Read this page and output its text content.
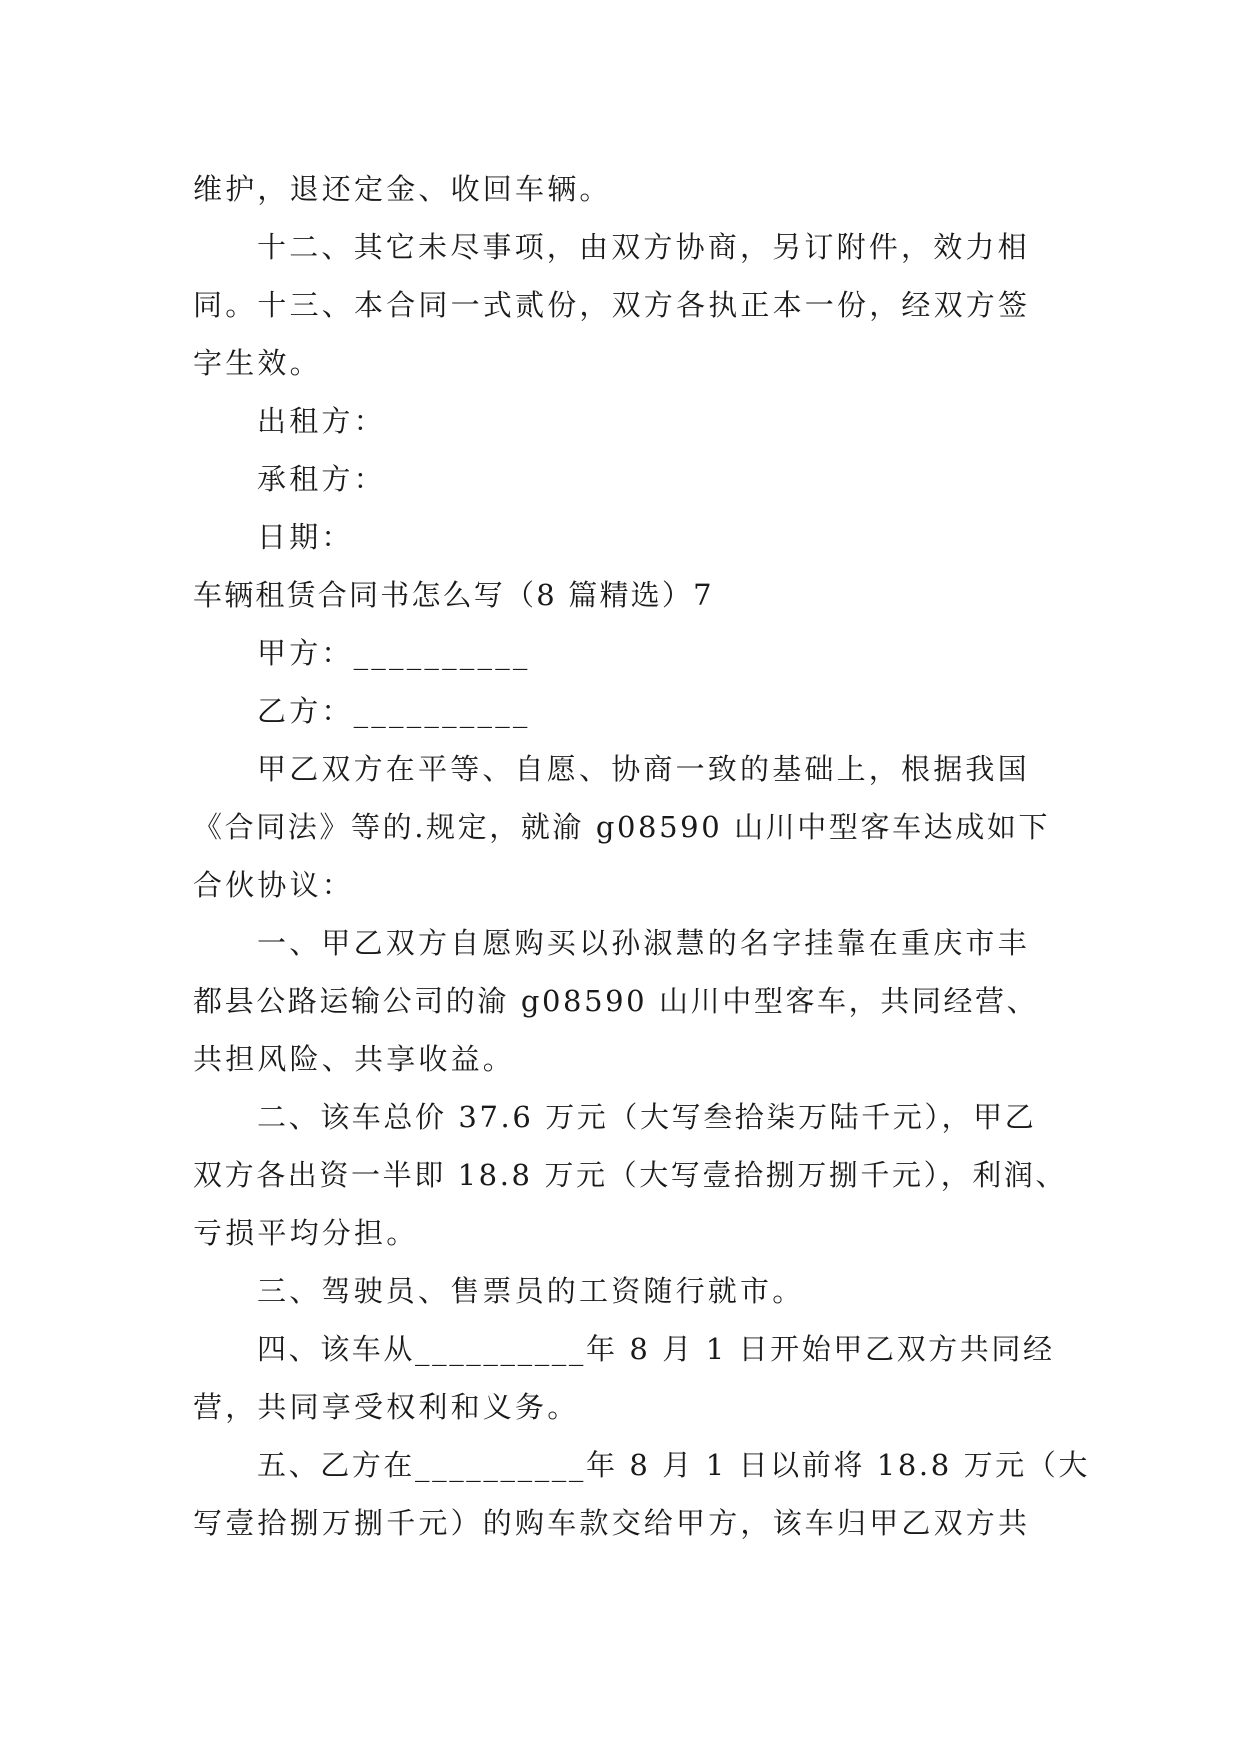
维护，退还定金、收回车辆。
十二、其它未尽事项，由双方协商，另订附件，效力相
同。十三、本合同一式贰份，双方各执正本一份，经双方签
字生效。
出租方：
承租方：
日期：
车辆租赁合同书怎么写（8 篇精选）7
甲方：__________
乙方：__________
甲乙双方在平等、自愿、协商一致的基础上，根据我国
《合同法》等的.规定，就渝 g08590 山川中型客车达成如下
合伙协议：
一、甲乙双方自愿购买以孙淑慧的名字挂靠在重庆市丰
都县公路运输公司的渝 g08590 山川中型客车，共同经营、
共担风险、共享收益。
二、该车总价 37.6 万元（大写叁拾柒万陆千元），甲乙
双方各出资一半即 18.8 万元（大写壹拾捌万捌千元），利润、
亏损平均分担。
三、驾驶员、售票员的工资随行就市。
四、该车从__________年 8 月 1 日开始甲乙双方共同经
营，共同享受权利和义务。
五、乙方在__________年 8 月 1 日以前将 18.8 万元（大
写壹拾捌万捌千元）的购车款交给甲方，该车归甲乙双方共
